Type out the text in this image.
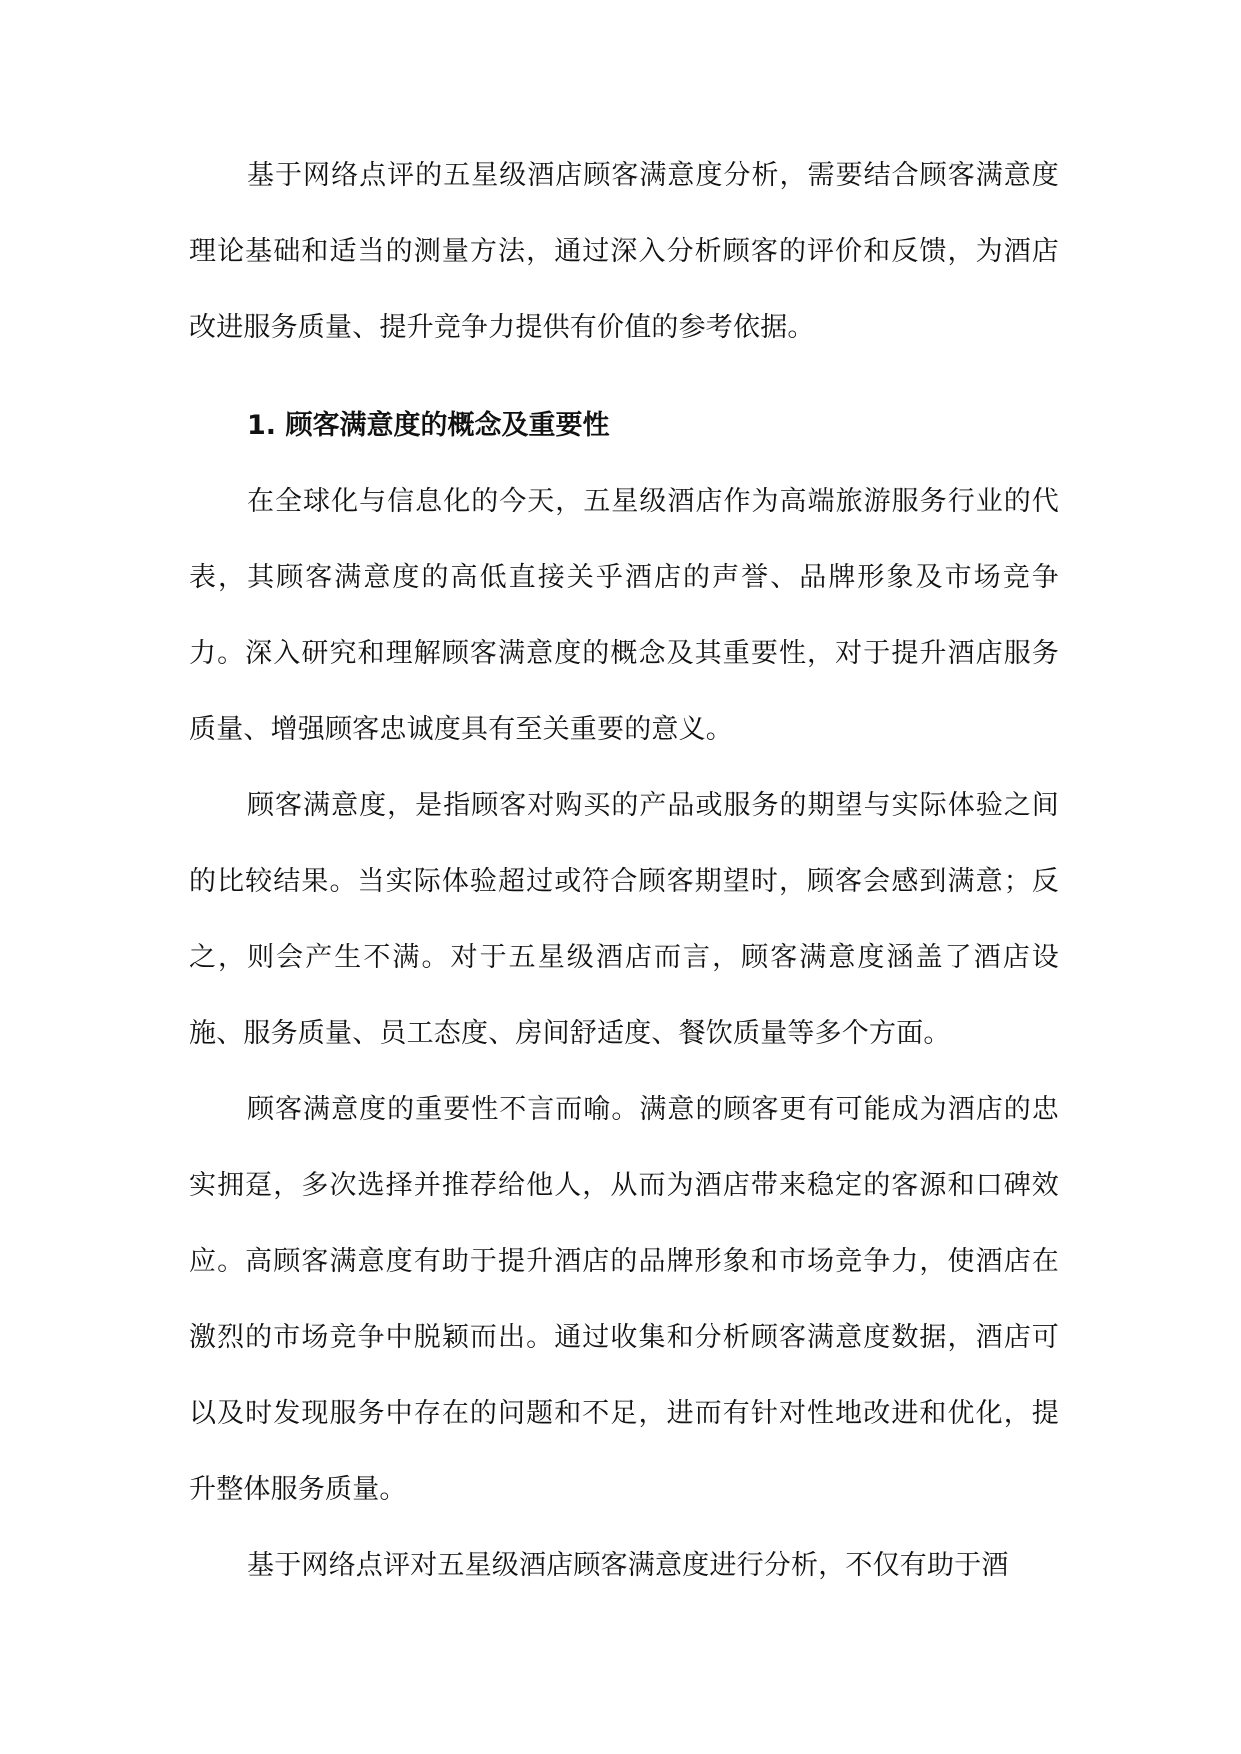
基于网络点评的五星级酒店顾客满意度分析，需要结合顾客满意度理论基础和适当的测量方法，通过深入分析顾客的评价和反馈，为酒店改进服务质量、提升竞争力提供有价值的参考依据。

1. 顾客满意度的概念及重要性

在全球化与信息化的今天，五星级酒店作为高端旅游服务行业的代表，其顾客满意度的高低直接关乎酒店的声誉、品牌形象及市场竞争力。深入研究和理解顾客满意度的概念及其重要性，对于提升酒店服务质量、增强顾客忠诚度具有至关重要的意义。

顾客满意度，是指顾客对购买的产品或服务的期望与实际体验之间的比较结果。当实际体验超过或符合顾客期望时，顾客会感到满意；反之，则会产生不满。对于五星级酒店而言，顾客满意度涵盖了酒店设施、服务质量、员工态度、房间舒适度、餐饮质量等多个方面。

顾客满意度的重要性不言而喻。满意的顾客更有可能成为酒店的忠实拥趸，多次选择并推荐给他人，从而为酒店带来稳定的客源和口碑效应。高顾客满意度有助于提升酒店的品牌形象和市场竞争力，使酒店在激烈的市场竞争中脱颖而出。通过收集和分析顾客满意度数据，酒店可以及时发现服务中存在的问题和不足，进而有针对性地改进和优化，提升整体服务质量。

基于网络点评对五星级酒店顾客满意度进行分析，不仅有助于酒
